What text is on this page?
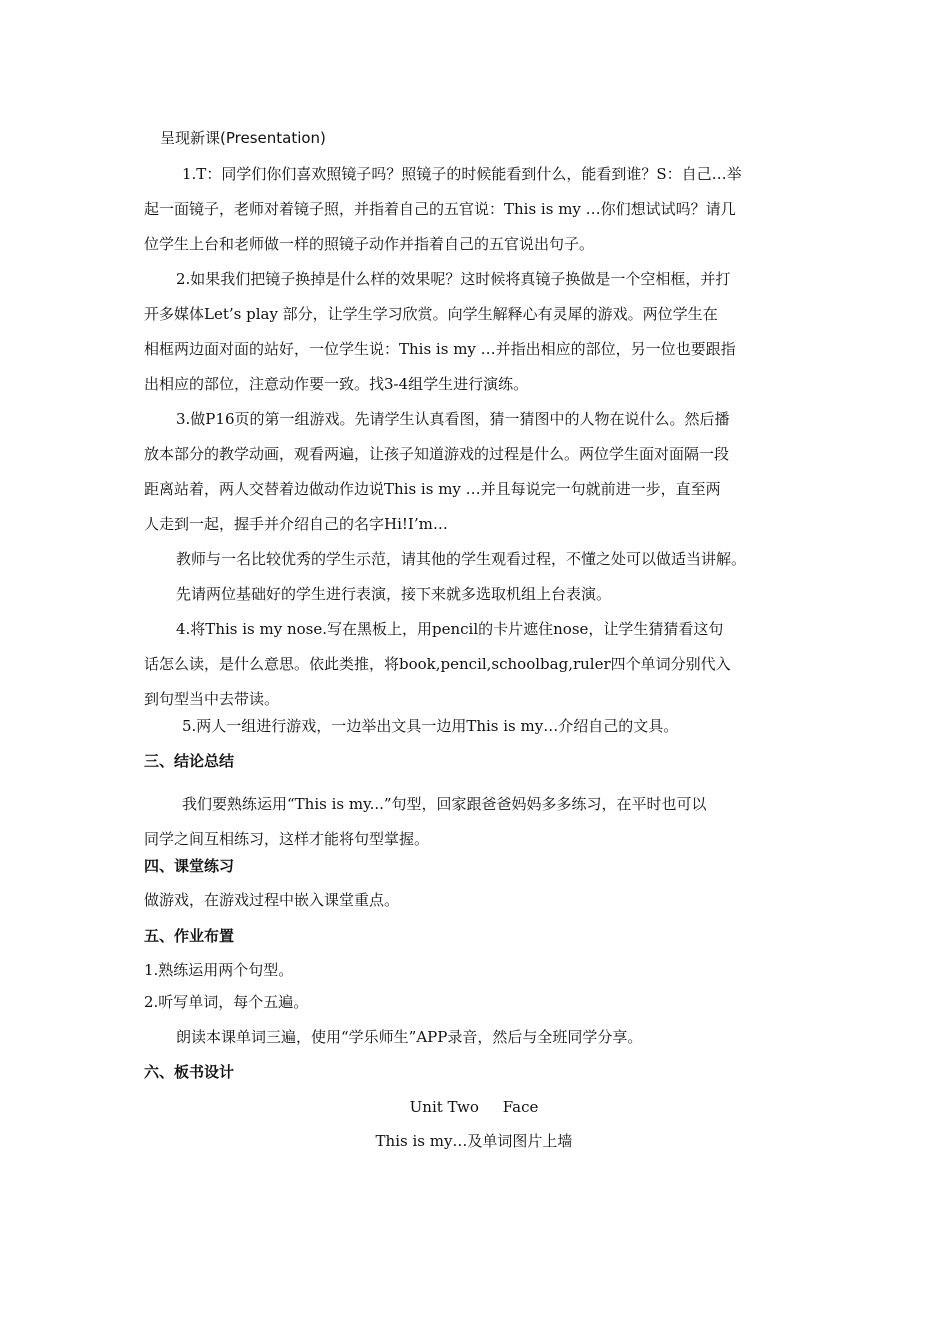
呈现新课(Presentation)
1.T：同学们你们喜欢照镜子吗？照镜子的时候能看到什么，能看到谁？S：自己…举
起一面镜子，老师对着镜子照，并指着自己的五官说：This is my …你们想试试吗？请几
位学生上台和老师做一样的照镜子动作并指着自己的五官说出句子。
2.如果我们把镜子换掉是什么样的效果呢？这时候将真镜子换做是一个空相框，并打
开多媒体Let’s play 部分，让学生学习欣赏。向学生解释心有灵犀的游戏。两位学生在
相框两边面对面的站好，一位学生说：This is my …并指出相应的部位，另一位也要跟指
出相应的部位，注意动作要一致。找3-4组学生进行演练。
3.做P16页的第一组游戏。先请学生认真看图，猜一猜图中的人物在说什么。然后播
放本部分的教学动画，观看两遍，让孩子知道游戏的过程是什么。两位学生面对面隔一段
距离站着，两人交替着边做动作边说This is my …并且每说完一句就前进一步，直至两
人走到一起，握手并介绍自己的名字Hi!I’m…
教师与一名比较优秀的学生示范，请其他的学生观看过程，不懂之处可以做适当讲解。
先请两位基础好的学生进行表演，接下来就多选取机组上台表演。
4.将This is my nose.写在黑板上，用pencil的卡片遮住nose，让学生猜猜看这句
话怎么读，是什么意思。依此类推，将book,pencil,schoolbag,ruler四个单词分别代入
到句型当中去带读。
5.两人一组进行游戏，一边举出文具一边用This is my…介绍自己的文具。
三、结论总结
我们要熟练运用“This is my...”句型，回家跟爸爸妈妈多多练习，在平时也可以
同学之间互相练习，这样才能将句型掌握。
四、课堂练习
做游戏，在游戏过程中嵌入课堂重点。
五、作业布置
1.熟练运用两个句型。
2.听写单词，每个五遍。
朗读本课单词三遍，使用“学乐师生”APP录音，然后与全班同学分享。
六、板书设计
Unit Two     Face
This is my…及单词图片上墙
